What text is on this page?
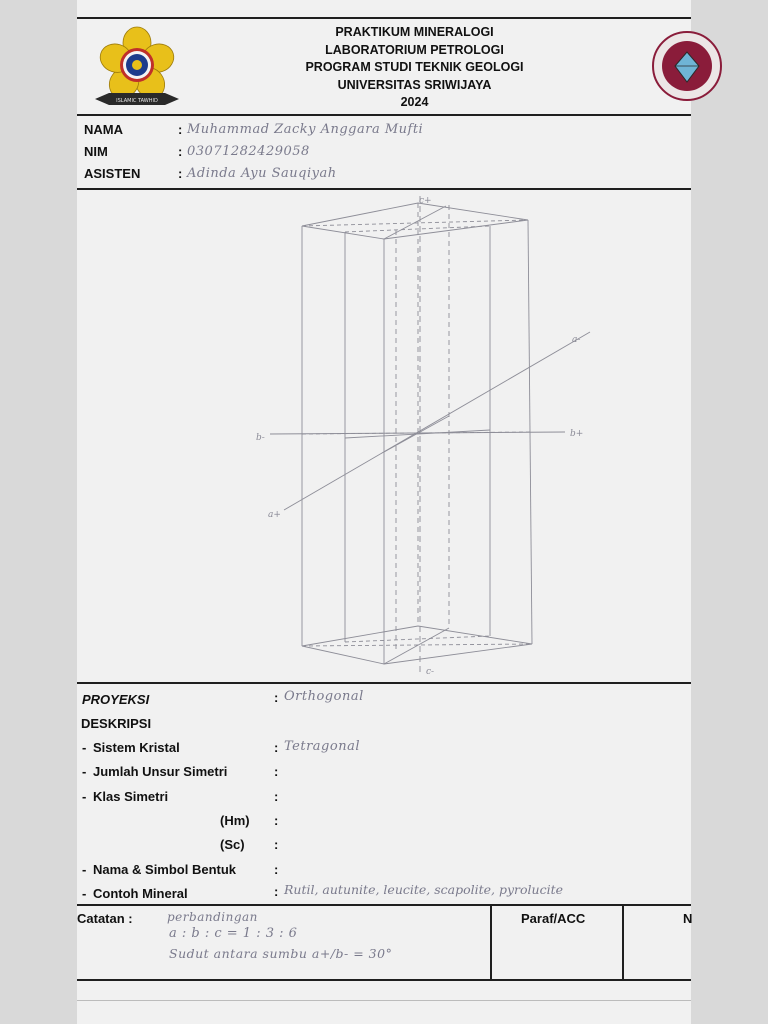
ISLAMIC TAWHID
PRAKTIKUM MINERALOGI
LABORATORIUM PETROLOGI
PROGRAM STUDI TEKNIK GEOLOGI
UNIVERSITAS SRIWIJAYA
2024
NAMA	: Muhammad Zacky Anggara Mufti
NIM	: 03071282429058
ASISTEN	: Adinda Ayu Sauqiyah
c+
c-
a-
a+
b-	b+
PROYEKSI	: Orthogonal
DESKRIPSI
- Sistem Kristal	: Tetragonal
- Jumlah Unsur Simetri	:
- Klas Simetri	:
(Hm) :
(Sc) :
- Nama & Simbol Bentuk	:
- Contoh Mineral	: Rutil, autunite, leucite, scapolite, pyrolucite
Catatan :	perbandingan
a : b : c = 1 : 3 : 6
Sudut antara sumbu a+/b- = 30°
Paraf/ACC	N
